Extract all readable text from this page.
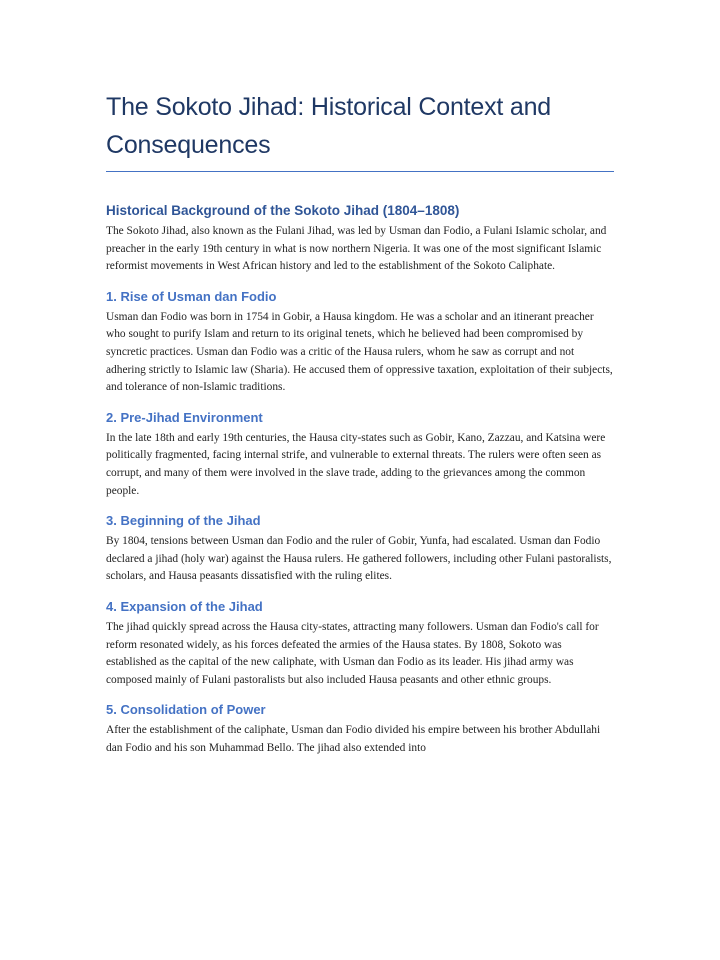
The Sokoto Jihad: Historical Context and Consequences
Historical Background of the Sokoto Jihad (1804–1808)

The Sokoto Jihad, also known as the Fulani Jihad, was led by Usman dan Fodio, a Fulani Islamic scholar, and preacher in the early 19th century in what is now northern Nigeria. It was one of the most significant Islamic reformist movements in West African history and led to the establishment of the Sokoto Caliphate.

1. Rise of Usman dan Fodio

Usman dan Fodio was born in 1754 in Gobir, a Hausa kingdom. He was a scholar and an itinerant preacher who sought to purify Islam and return to its original tenets, which he believed had been compromised by syncretic practices. Usman dan Fodio was a critic of the Hausa rulers, whom he saw as corrupt and not adhering strictly to Islamic law (Sharia). He accused them of oppressive taxation, exploitation of their subjects, and tolerance of non-Islamic traditions.

2. Pre-Jihad Environment

In the late 18th and early 19th centuries, the Hausa city-states such as Gobir, Kano, Zazzau, and Katsina were politically fragmented, facing internal strife, and vulnerable to external threats. The rulers were often seen as corrupt, and many of them were involved in the slave trade, adding to the grievances among the common people.

3. Beginning of the Jihad

By 1804, tensions between Usman dan Fodio and the ruler of Gobir, Yunfa, had escalated. Usman dan Fodio declared a jihad (holy war) against the Hausa rulers. He gathered followers, including other Fulani pastoralists, scholars, and Hausa peasants dissatisfied with the ruling elites.

4. Expansion of the Jihad

The jihad quickly spread across the Hausa city-states, attracting many followers. Usman dan Fodio's call for reform resonated widely, as his forces defeated the armies of the Hausa states. By 1808, Sokoto was established as the capital of the new caliphate, with Usman dan Fodio as its leader. His jihad army was composed mainly of Fulani pastoralists but also included Hausa peasants and other ethnic groups.

5. Consolidation of Power

After the establishment of the caliphate, Usman dan Fodio divided his empire between his brother Abdullahi dan Fodio and his son Muhammad Bello. The jihad also extended into
